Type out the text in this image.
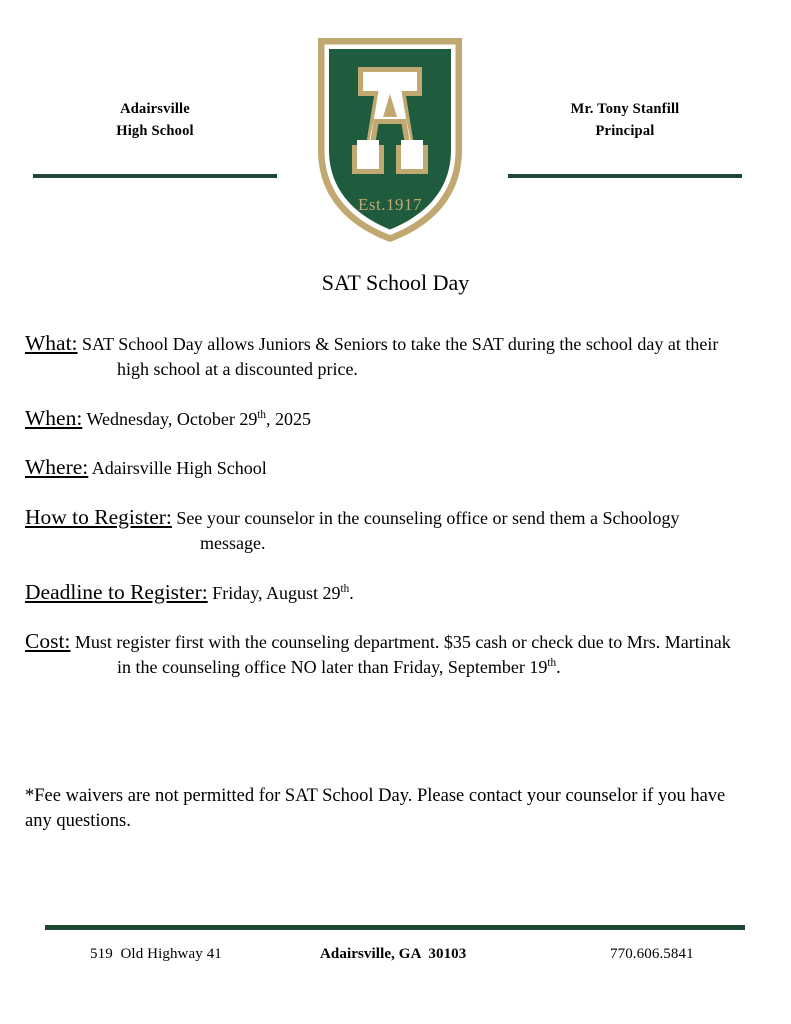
Adairsville
High School
Est.1917
Mr. Tony Stanfill
Principal
SAT School Day

What: SAT School Day allows Juniors & Seniors to take the SAT during the school day at their high school at a discounted price.

When: Wednesday, October 29th, 2025

Where: Adairsville High School

How to Register: See your counselor in the counseling office or send them a Schoology message.

Deadline to Register: Friday, August 29th.

Cost: Must register first with the counseling department. $35 cash or check due to Mrs. Martinak in the counseling office NO later than Friday, September 19th.

*Fee waivers are not permitted for SAT School Day. Please contact your counselor if you have any questions.
519  Old Highway 41	Adairsville, GA  30103	770.606.5841
